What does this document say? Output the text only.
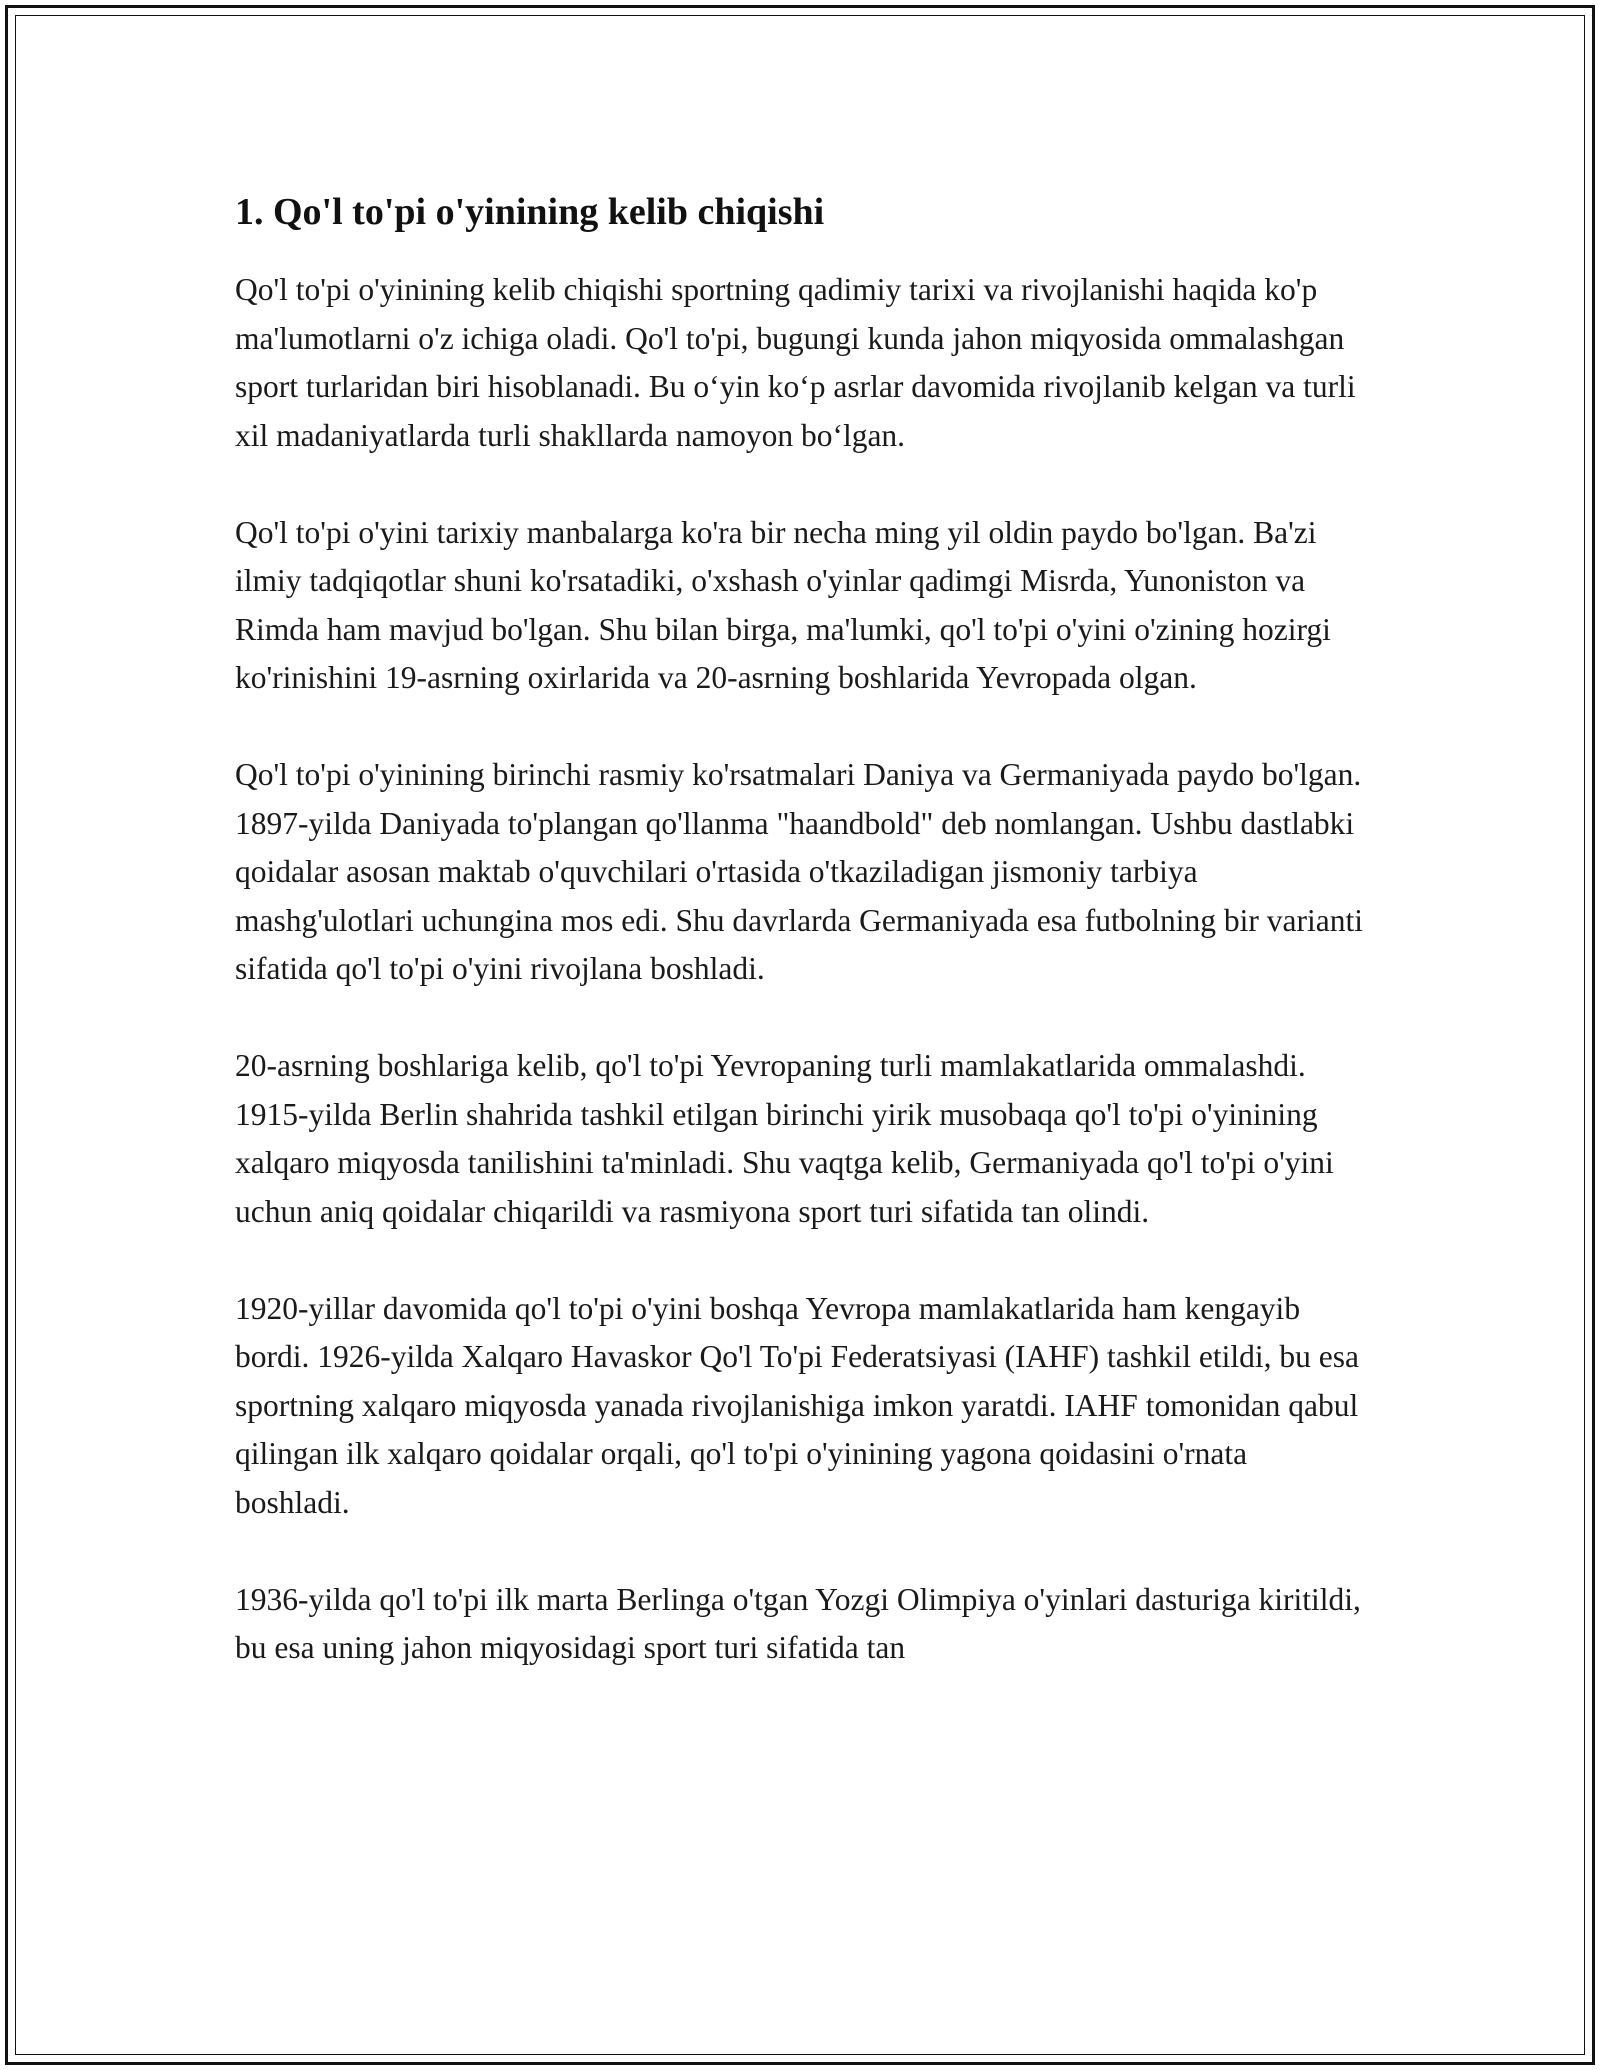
1. Qo'l to'pi o'yinining kelib chiqishi

Qo'l to'pi o'yinining kelib chiqishi sportning qadimiy tarixi va rivojlanishi haqida ko'p ma'lumotlarni o'z ichiga oladi. Qo'l to'pi, bugungi kunda jahon miqyosida ommalashgan sport turlaridan biri hisoblanadi. Bu o‘yin ko‘p asrlar davomida rivojlanib kelgan va turli xil madaniyatlarda turli shakllarda namoyon bo‘lgan.

Qo'l to'pi o'yini tarixiy manbalarga ko'ra bir necha ming yil oldin paydo bo'lgan. Ba'zi ilmiy tadqiqotlar shuni ko'rsatadiki, o'xshash o'yinlar qadimgi Misrda, Yunoniston va Rimda ham mavjud bo'lgan. Shu bilan birga, ma'lumki, qo'l to'pi o'yini o'zining hozirgi ko'rinishini 19-asrning oxirlarida va 20-asrning boshlarida Yevropada olgan.

Qo'l to'pi o'yinining birinchi rasmiy ko'rsatmalari Daniya va Germaniyada paydo bo'lgan. 1897-yilda Daniyada to'plangan qo'llanma "haandbold" deb nomlangan. Ushbu dastlabki qoidalar asosan maktab o'quvchilari o'rtasida o'tkaziladigan jismoniy tarbiya mashg'ulotlari uchungina mos edi. Shu davrlarda Germaniyada esa futbolning bir varianti sifatida qo'l to'pi o'yini rivojlana boshladi.

20-asrning boshlariga kelib, qo'l to'pi Yevropaning turli mamlakatlarida ommalashdi. 1915-yilda Berlin shahrida tashkil etilgan birinchi yirik musobaqa qo'l to'pi o'yinining xalqaro miqyosda tanilishini ta'minladi. Shu vaqtga kelib, Germaniyada qo'l to'pi o'yini uchun aniq qoidalar chiqarildi va rasmiyona sport turi sifatida tan olindi.

1920-yillar davomida qo'l to'pi o'yini boshqa Yevropa mamlakatlarida ham kengayib bordi. 1926-yilda Xalqaro Havaskor Qo'l To'pi Federatsiyasi (IAHF) tashkil etildi, bu esa sportning xalqaro miqyosda yanada rivojlanishiga imkon yaratdi. IAHF tomonidan qabul qilingan ilk xalqaro qoidalar orqali, qo'l to'pi o'yinining yagona qoidasini o'rnata boshladi.

1936-yilda qo'l to'pi ilk marta Berlinga o'tgan Yozgi Olimpiya o'yinlari dasturiga kiritildi, bu esa uning jahon miqyosidagi sport turi sifatida tan
